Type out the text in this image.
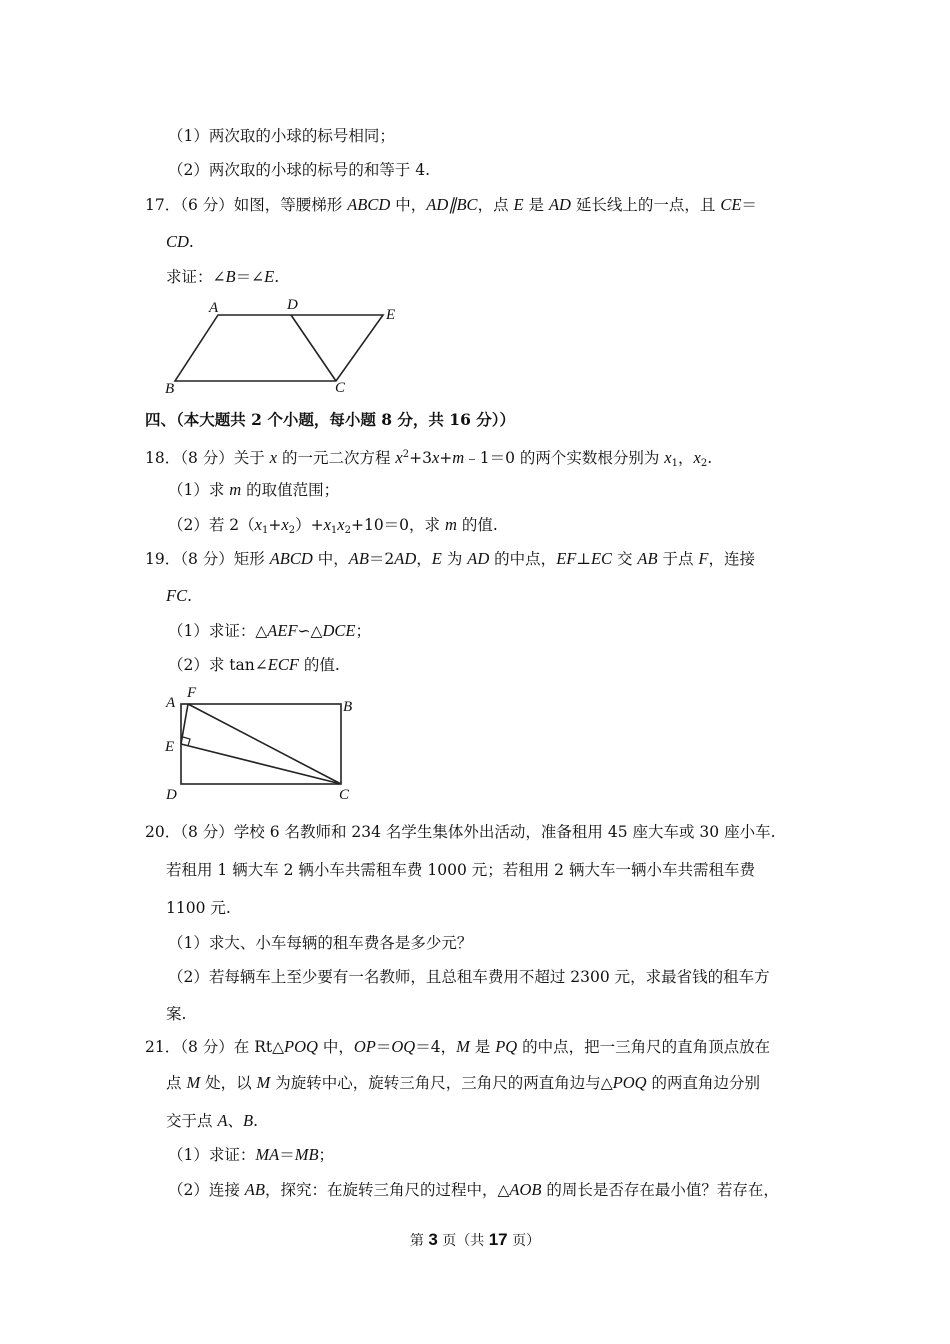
（1）两次取的小球的标号相同；
（2）两次取的小球的标号的和等于 4.
17．（6 分）如图，等腰梯形 ABCD 中，AD∥BC，点 E 是 AD 延长线上的一点，且 CE＝
CD.
求证：∠B＝∠E.
A	D
E
B	C
四、（本大题共 2 个小题，每小题 8 分，共 16 分））
18．（8 分）关于 x 的一元二次方程 $x^2+3x+m﹣1=0$ 的两个实数根分别为 $x_1$，$x_2$.
（1）求 m 的取值范围；
（2）若 $2(x_1+x_2)+x_1x_2+10=0$，求 m 的值.
19．（8 分）矩形 ABCD 中，AB＝2AD，E 为 AD 的中点，EF⊥EC 交 AB 于点 F，连接
FC.
（1）求证：△AEF∽△DCE；
（2）求 tan∠ECF 的值.
A
F
B
E
D	C
20．（8 分）学校 6 名教师和 234 名学生集体外出活动，准备租用 45 座大车或 30 座小车.
若租用 1 辆大车 2 辆小车共需租车费 1000 元；若租用 2 辆大车一辆小车共需租车费
1100 元.
（1）求大、小车每辆的租车费各是多少元？
（2）若每辆车上至少要有一名教师，且总租车费用不超过 2300 元，求最省钱的租车方
案.
21．（8 分）在 Rt△POQ 中，OP＝OQ＝4，M 是 PQ 的中点，把一三角尺的直角顶点放在
点 M 处，以 M 为旋转中心，旋转三角尺，三角尺的两直角边与△POQ 的两直角边分别
交于点 A、B.
（1）求证：MA＝MB；
（2）连接 AB，探究：在旋转三角尺的过程中，△AOB 的周长是否存在最小值？若存在，
第 3 页（共 17 页）
